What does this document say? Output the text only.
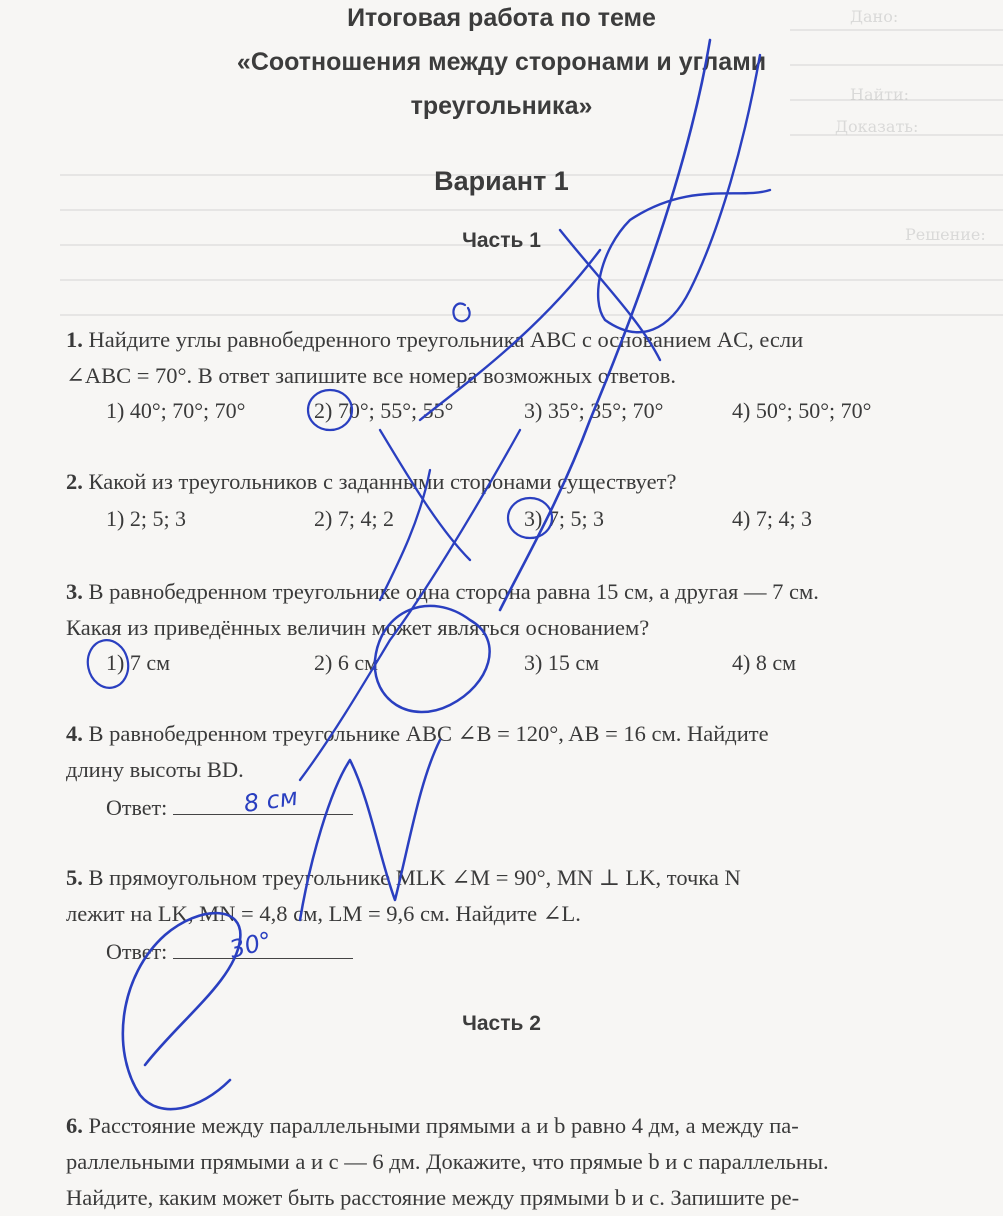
Дано:
Найти:
Доказать:
Решение:
Итоговая работа по теме
«Соотношения между сторонами и углами
треугольника»
Вариант 1
Часть 1
1. Найдите углы равнобедренного треугольника ABC с основанием AC, если
∠ABC = 70°. В ответ запишите все номера возможных ответов.
1) 40°; 70°; 70°	2) 70°; 55°; 55°	3) 35°; 35°; 70°	4) 50°; 50°; 70°
2. Какой из треугольников с заданными сторонами существует?
1) 2; 5; 3	2) 7; 4; 2	3) 7; 5; 3	4) 7; 4; 3
3. В равнобедренном треугольнике одна сторона равна 15 см, а другая — 7 см.
Какая из приведённых величин может являться основанием?
1) 7 см	2) 6 см	3) 15 см	4) 8 см
4. В равнобедренном треугольнике ABC ∠B = 120°, AB = 16 см. Найдите
длину высоты BD.
Ответ:
5. В прямоугольном треугольнике MLK ∠M = 90°, MN ⊥ LK, точка N
лежит на LK, MN = 4,8 см, LM = 9,6 см. Найдите ∠L.
Ответ:
Часть 2
6. Расстояние между параллельными прямыми a и b равно 4 дм, а между па-
раллельными прямыми a и c — 6 дм. Докажите, что прямые b и c параллельны.
Найдите, каким может быть расстояние между прямыми b и c. Запишите ре-
8 см
30°
